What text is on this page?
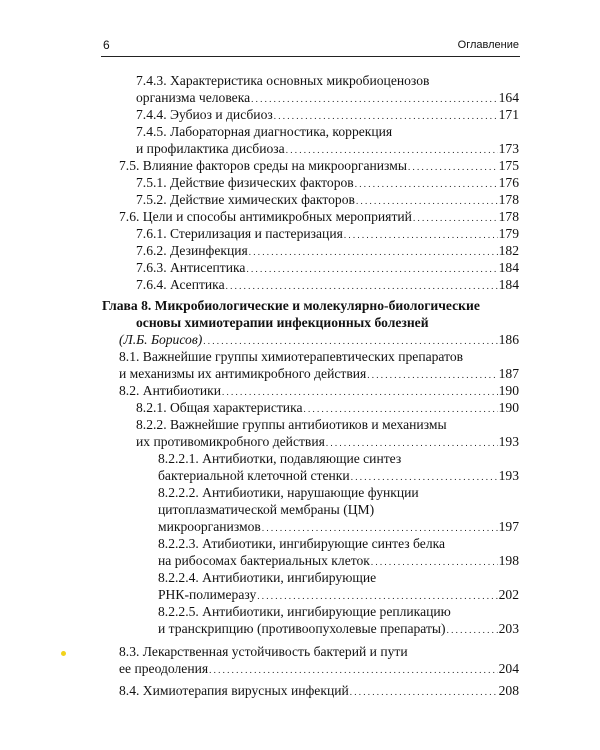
6	Оглавление
7.4.3. Характеристика основных микробиоценозов
организма человека . . .	164
7.4.4. Эубиоз и дисбиоз . . .	171
7.4.5. Лабораторная диагностика, коррекция
и профилактика дисбиоза . . .	173
7.5. Влияние факторов среды на микроорганизмы . . .	175
7.5.1. Действие физических факторов . . .	176
7.5.2. Действие химических факторов . . .	178
7.6. Цели и способы антимикробных мероприятий . . .	178
7.6.1. Стерилизация и пастеризация . . .	179
7.6.2. Дезинфекция . . .	182
7.6.3. Антисептика . . .	184
7.6.4. Асептика . . .	184
Глава 8. Микробиологические и молекулярно-биологические
основы химиотерапии инфекционных болезней
(Л.Б. Борисов) . . .	186
8.1. Важнейшие группы химиотерапевтических препаратов
и механизмы их антимикробного действия . . .	187
8.2. Антибиотики . . .	190
8.2.1. Общая характеристика . . .	190
8.2.2. Важнейшие группы антибиотиков и механизмы
их противомикробного действия . . .	193
8.2.2.1. Антибиотки, подавляющие синтез
бактериальной клеточной стенки . . .	193
8.2.2.2. Антибиотики, нарушающие функции
цитоплазматической мембраны (ЦМ)
микроорганизмов . . .	197
8.2.2.3. Атибиотики, ингибирующие синтез белка
на рибосомах бактериальных клеток . . .	198
8.2.2.4. Антибиотики, ингибирующие
РНК-полимеразу . . .	202
8.2.2.5. Антибиотики, ингибирующие репликацию
и транскрипцию (противоопухолевые препараты) . . .	203
8.3. Лекарственная устойчивость бактерий и пути
ее преодоления . . .	204
8.4. Химиотерапия вирусных инфекций . . .	208
